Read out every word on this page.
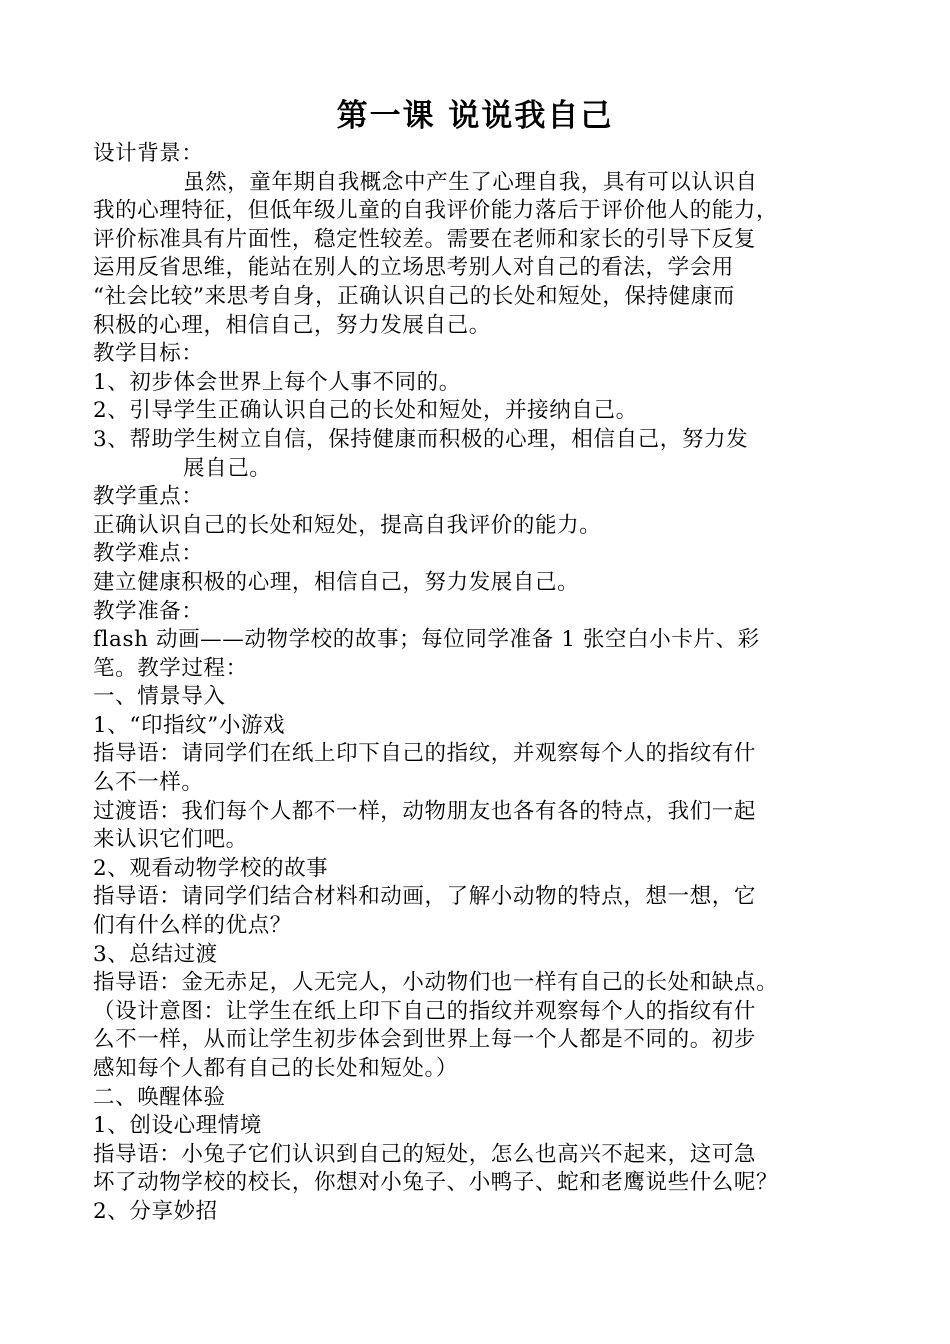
第一课 说说我自己
设计背景：
虽然，童年期自我概念中产生了心理自我，具有可以认识自
我的心理特征，但低年级儿童的自我评价能力落后于评价他人的能力，
评价标准具有片面性，稳定性较差。需要在老师和家长的引导下反复
运用反省思维，能站在别人的立场思考别人对自己的看法，学会用
“社会比较”来思考自身，正确认识自己的长处和短处，保持健康而
积极的心理，相信自己，努力发展自己。
教学目标：
1、初步体会世界上每个人事不同的。
2、引导学生正确认识自己的长处和短处，并接纳自己。
3、帮助学生树立自信，保持健康而积极的心理，相信自己，努力发
展自己。
教学重点：
正确认识自己的长处和短处，提高自我评价的能力。
教学难点：
建立健康积极的心理，相信自己，努力发展自己。
教学准备：
flash 动画——动物学校的故事；每位同学准备 1 张空白小卡片、彩
笔。教学过程：
一、情景导入
1、“印指纹”小游戏
指导语：请同学们在纸上印下自己的指纹，并观察每个人的指纹有什
么不一样。
过渡语：我们每个人都不一样，动物朋友也各有各的特点，我们一起
来认识它们吧。
2、观看动物学校的故事
指导语：请同学们结合材料和动画，了解小动物的特点，想一想，它
们有什么样的优点？
3、总结过渡
指导语：金无赤足，人无完人，小动物们也一样有自己的长处和缺点。
（设计意图：让学生在纸上印下自己的指纹并观察每个人的指纹有什
么不一样，从而让学生初步体会到世界上每一个人都是不同的。初步
感知每个人都有自己的长处和短处。）
二、唤醒体验
1、创设心理情境
指导语：小兔子它们认识到自己的短处，怎么也高兴不起来，这可急
坏了动物学校的校长，你想对小兔子、小鸭子、蛇和老鹰说些什么呢？
2、分享妙招
